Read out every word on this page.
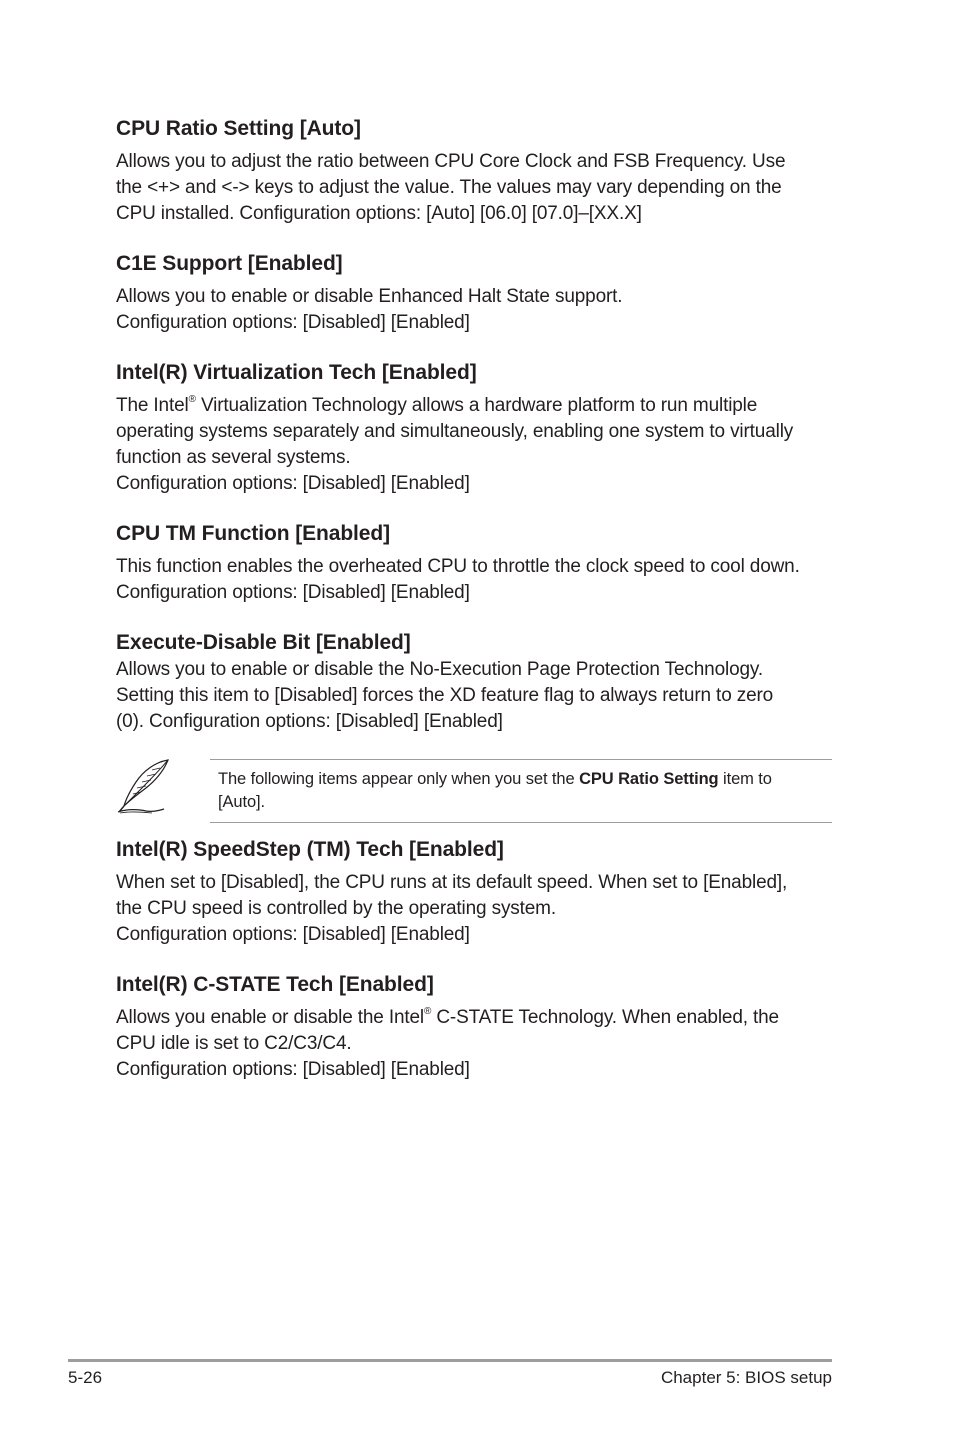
CPU Ratio Setting [Auto]

Allows you to adjust the ratio between CPU Core Clock and FSB Frequency. Use

the <+> and <-> keys to adjust the value. The values may vary depending on the

CPU installed. Configuration options: [Auto] [06.0] [07.0]–[XX.X]

C1E Support [Enabled]

Allows you to enable or disable Enhanced Halt State support.

Configuration options: [Disabled] [Enabled]

Intel(R) Virtualization Tech [Enabled]

The Intel® Virtualization Technology allows a hardware platform to run multiple

operating systems separately and simultaneously, enabling one system to virtually

function as several systems.

Configuration options: [Disabled] [Enabled]

CPU TM Function [Enabled]

This function enables the overheated CPU to throttle the clock speed to cool down.

Configuration options: [Disabled] [Enabled]

Execute-Disable Bit [Enabled]

Allows you to enable or disable the No-Execution Page Protection Technology.

Setting this item to [Disabled] forces the XD feature flag to always return to zero

(0). Configuration options: [Disabled] [Enabled]

The following items appear only when you set the CPU Ratio Setting item to
[Auto].
Intel(R) SpeedStep (TM) Tech [Enabled]

When set to [Disabled], the CPU runs at its default speed. When set to [Enabled],

the CPU speed is controlled by the operating system.

Configuration options: [Disabled] [Enabled]

Intel(R) C-STATE Tech [Enabled]

Allows you enable or disable the Intel® C-STATE Technology. When enabled, the

CPU idle is set to C2/C3/C4.

Configuration options: [Disabled] [Enabled]

5-26	Chapter 5: BIOS setup
